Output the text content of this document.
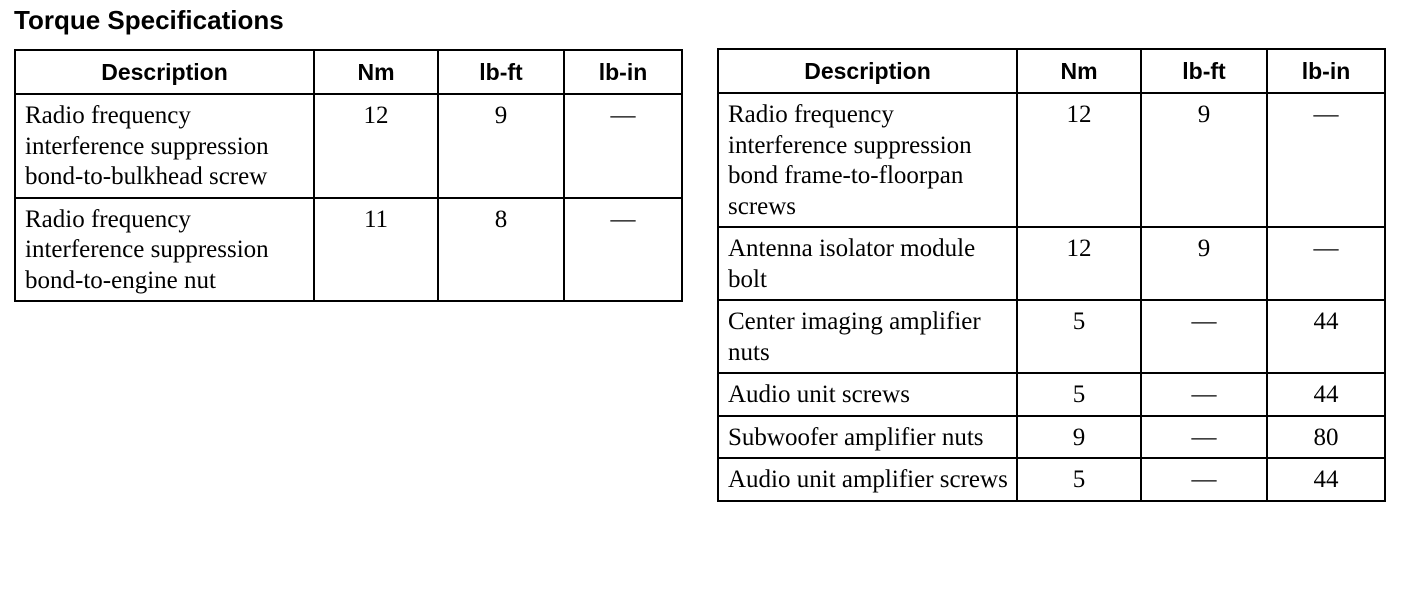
Torque Specifications
Description	Nm	lb-ft	lb-in
Radio frequency interference suppression bond-to-bulkhead screw	12	9	—
Radio frequency interference suppression bond-to-engine nut	11	8	—
Description	Nm	lb-ft	lb-in
Radio frequency interference suppression bond frame-to-floorpan screws	12	9	—
Antenna isolator module bolt	12	9	—
Center imaging amplifier nuts	5	—	44
Audio unit screws	5	—	44
Subwoofer amplifier nuts	9	—	80
Audio unit amplifier screws	5	—	44
